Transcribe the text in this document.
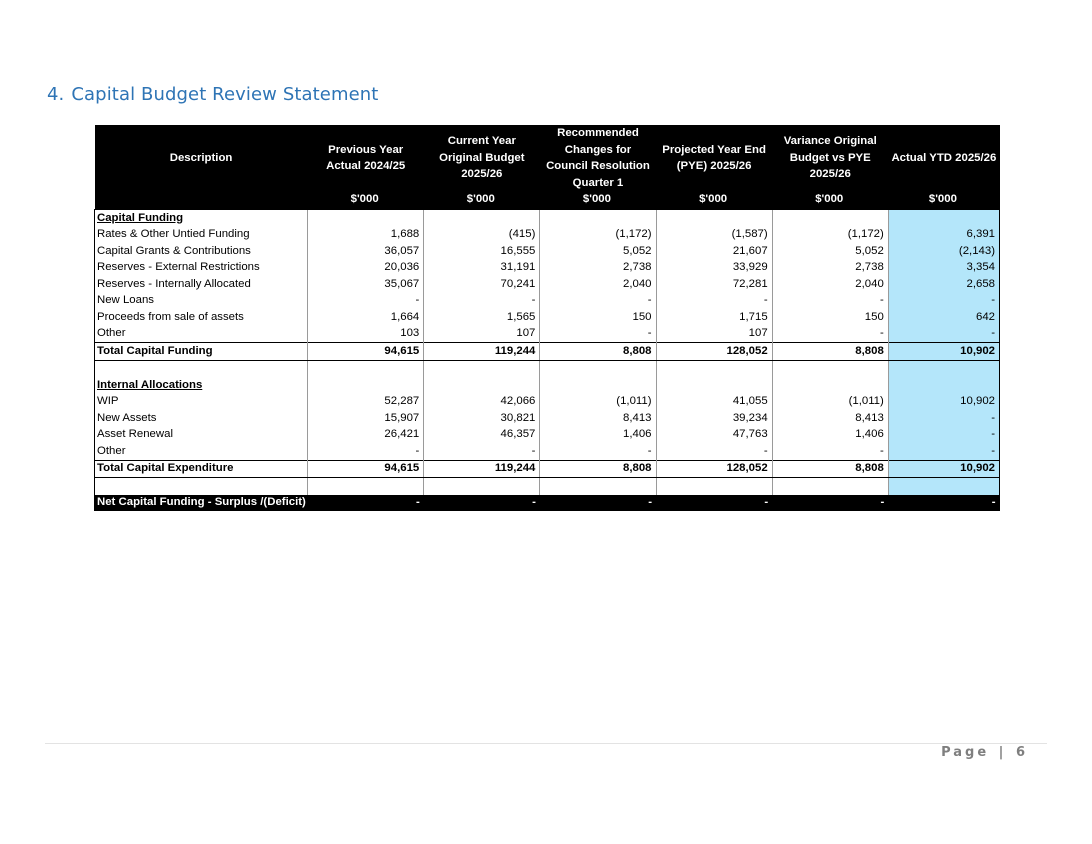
4. Capital Budget Review Statement
Description	Previous Year Actual 2024/25	Current Year Original Budget 2025/26	Recommended Changes for Council Resolution Quarter 1	Projected Year End (PYE) 2025/26	Variance Original Budget vs PYE 2025/26	Actual YTD 2025/26
	$'000	$'000	$'000	$'000	$'000	$'000
Capital Funding						
Rates & Other Untied Funding	1,688	(415)	(1,172)	(1,587)	(1,172)	6,391
Capital Grants & Contributions	36,057	16,555	5,052	21,607	5,052	(2,143)
Reserves - External Restrictions	20,036	31,191	2,738	33,929	2,738	3,354
Reserves - Internally Allocated	35,067	70,241	2,040	72,281	2,040	2,658
New Loans	-	-	-	-	-	-
Proceeds from sale of assets	1,664	1,565	150	1,715	150	642
Other	103	107	-	107	-	-
Total Capital Funding	94,615	119,244	8,808	128,052	8,808	10,902

Internal Allocations						
WIP	52,287	42,066	(1,011)	41,055	(1,011)	10,902
New Assets	15,907	30,821	8,413	39,234	8,413	-
Asset Renewal	26,421	46,357	1,406	47,763	1,406	-
Other	-	-	-	-	-	-
Total Capital Expenditure	94,615	119,244	8,808	128,052	8,808	10,902

Net Capital Funding - Surplus /(Deficit)	-	-	-	-	-	-
Page | 6
